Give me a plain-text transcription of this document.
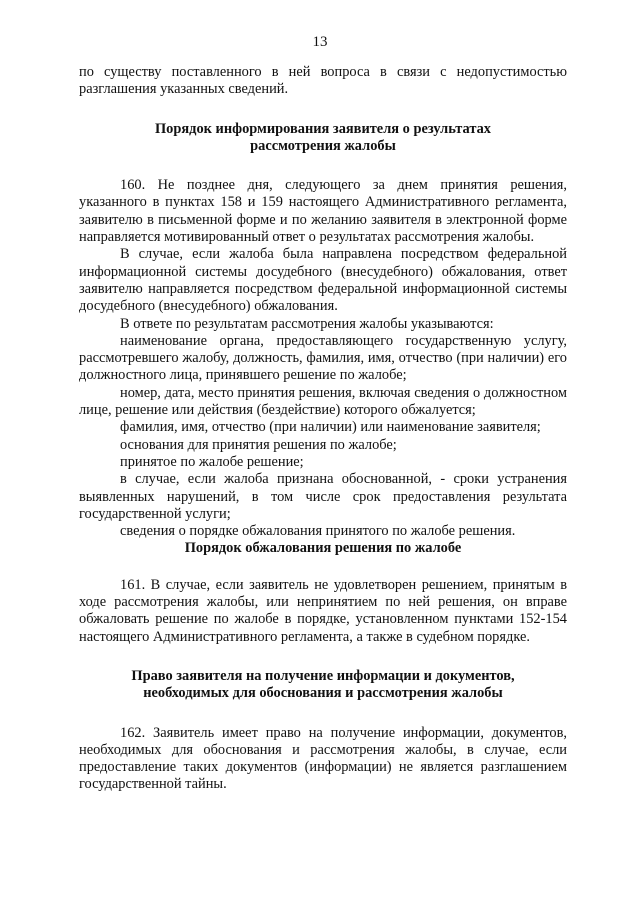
13

по существу поставленного в ней вопроса в связи с недопустимостью разглашения указанных сведений.

Порядок информирования заявителя о результатах рассмотрения жалобы

160. Не позднее дня, следующего за днем принятия решения, указанного в пунктах 158 и 159 настоящего Административного регламента, заявителю в письменной форме и по желанию заявителя в электронной форме направляется мотивированный ответ о результатах рассмотрения жалобы.

В случае, если жалоба была направлена посредством федеральной информационной системы досудебного (внесудебного) обжалования, ответ заявителю направляется посредством федеральной информационной системы досудебного (внесудебного) обжалования.

В ответе по результатам рассмотрения жалобы указываются:

наименование органа, предоставляющего государственную услугу, рассмотревшего жалобу, должность, фамилия, имя, отчество (при наличии) его должностного лица, принявшего решение по жалобе;

номер, дата, место принятия решения, включая сведения о должностном лице, решение или действия (бездействие) которого обжалуется;

фамилия, имя, отчество (при наличии) или наименование заявителя;

основания для принятия решения по жалобе;

принятое по жалобе решение;

в случае, если жалоба признана обоснованной, - сроки устранения выявленных нарушений, в том числе срок предоставления результата государственной услуги;

сведения о порядке обжалования принятого по жалобе решения.

Порядок обжалования решения по жалобе

161. В случае, если заявитель не удовлетворен решением, принятым в ходе рассмотрения жалобы, или непринятием по ней решения, он вправе обжаловать решение по жалобе в порядке, установленном пунктами 152-154 настоящего Административного регламента, а также в судебном порядке.

Право заявителя на получение информации и документов, необходимых для обоснования и рассмотрения жалобы

162. Заявитель имеет право на получение информации, документов, необходимых для обоснования и рассмотрения жалобы, в случае, если предоставление таких документов (информации) не является разглашением государственной тайны.
